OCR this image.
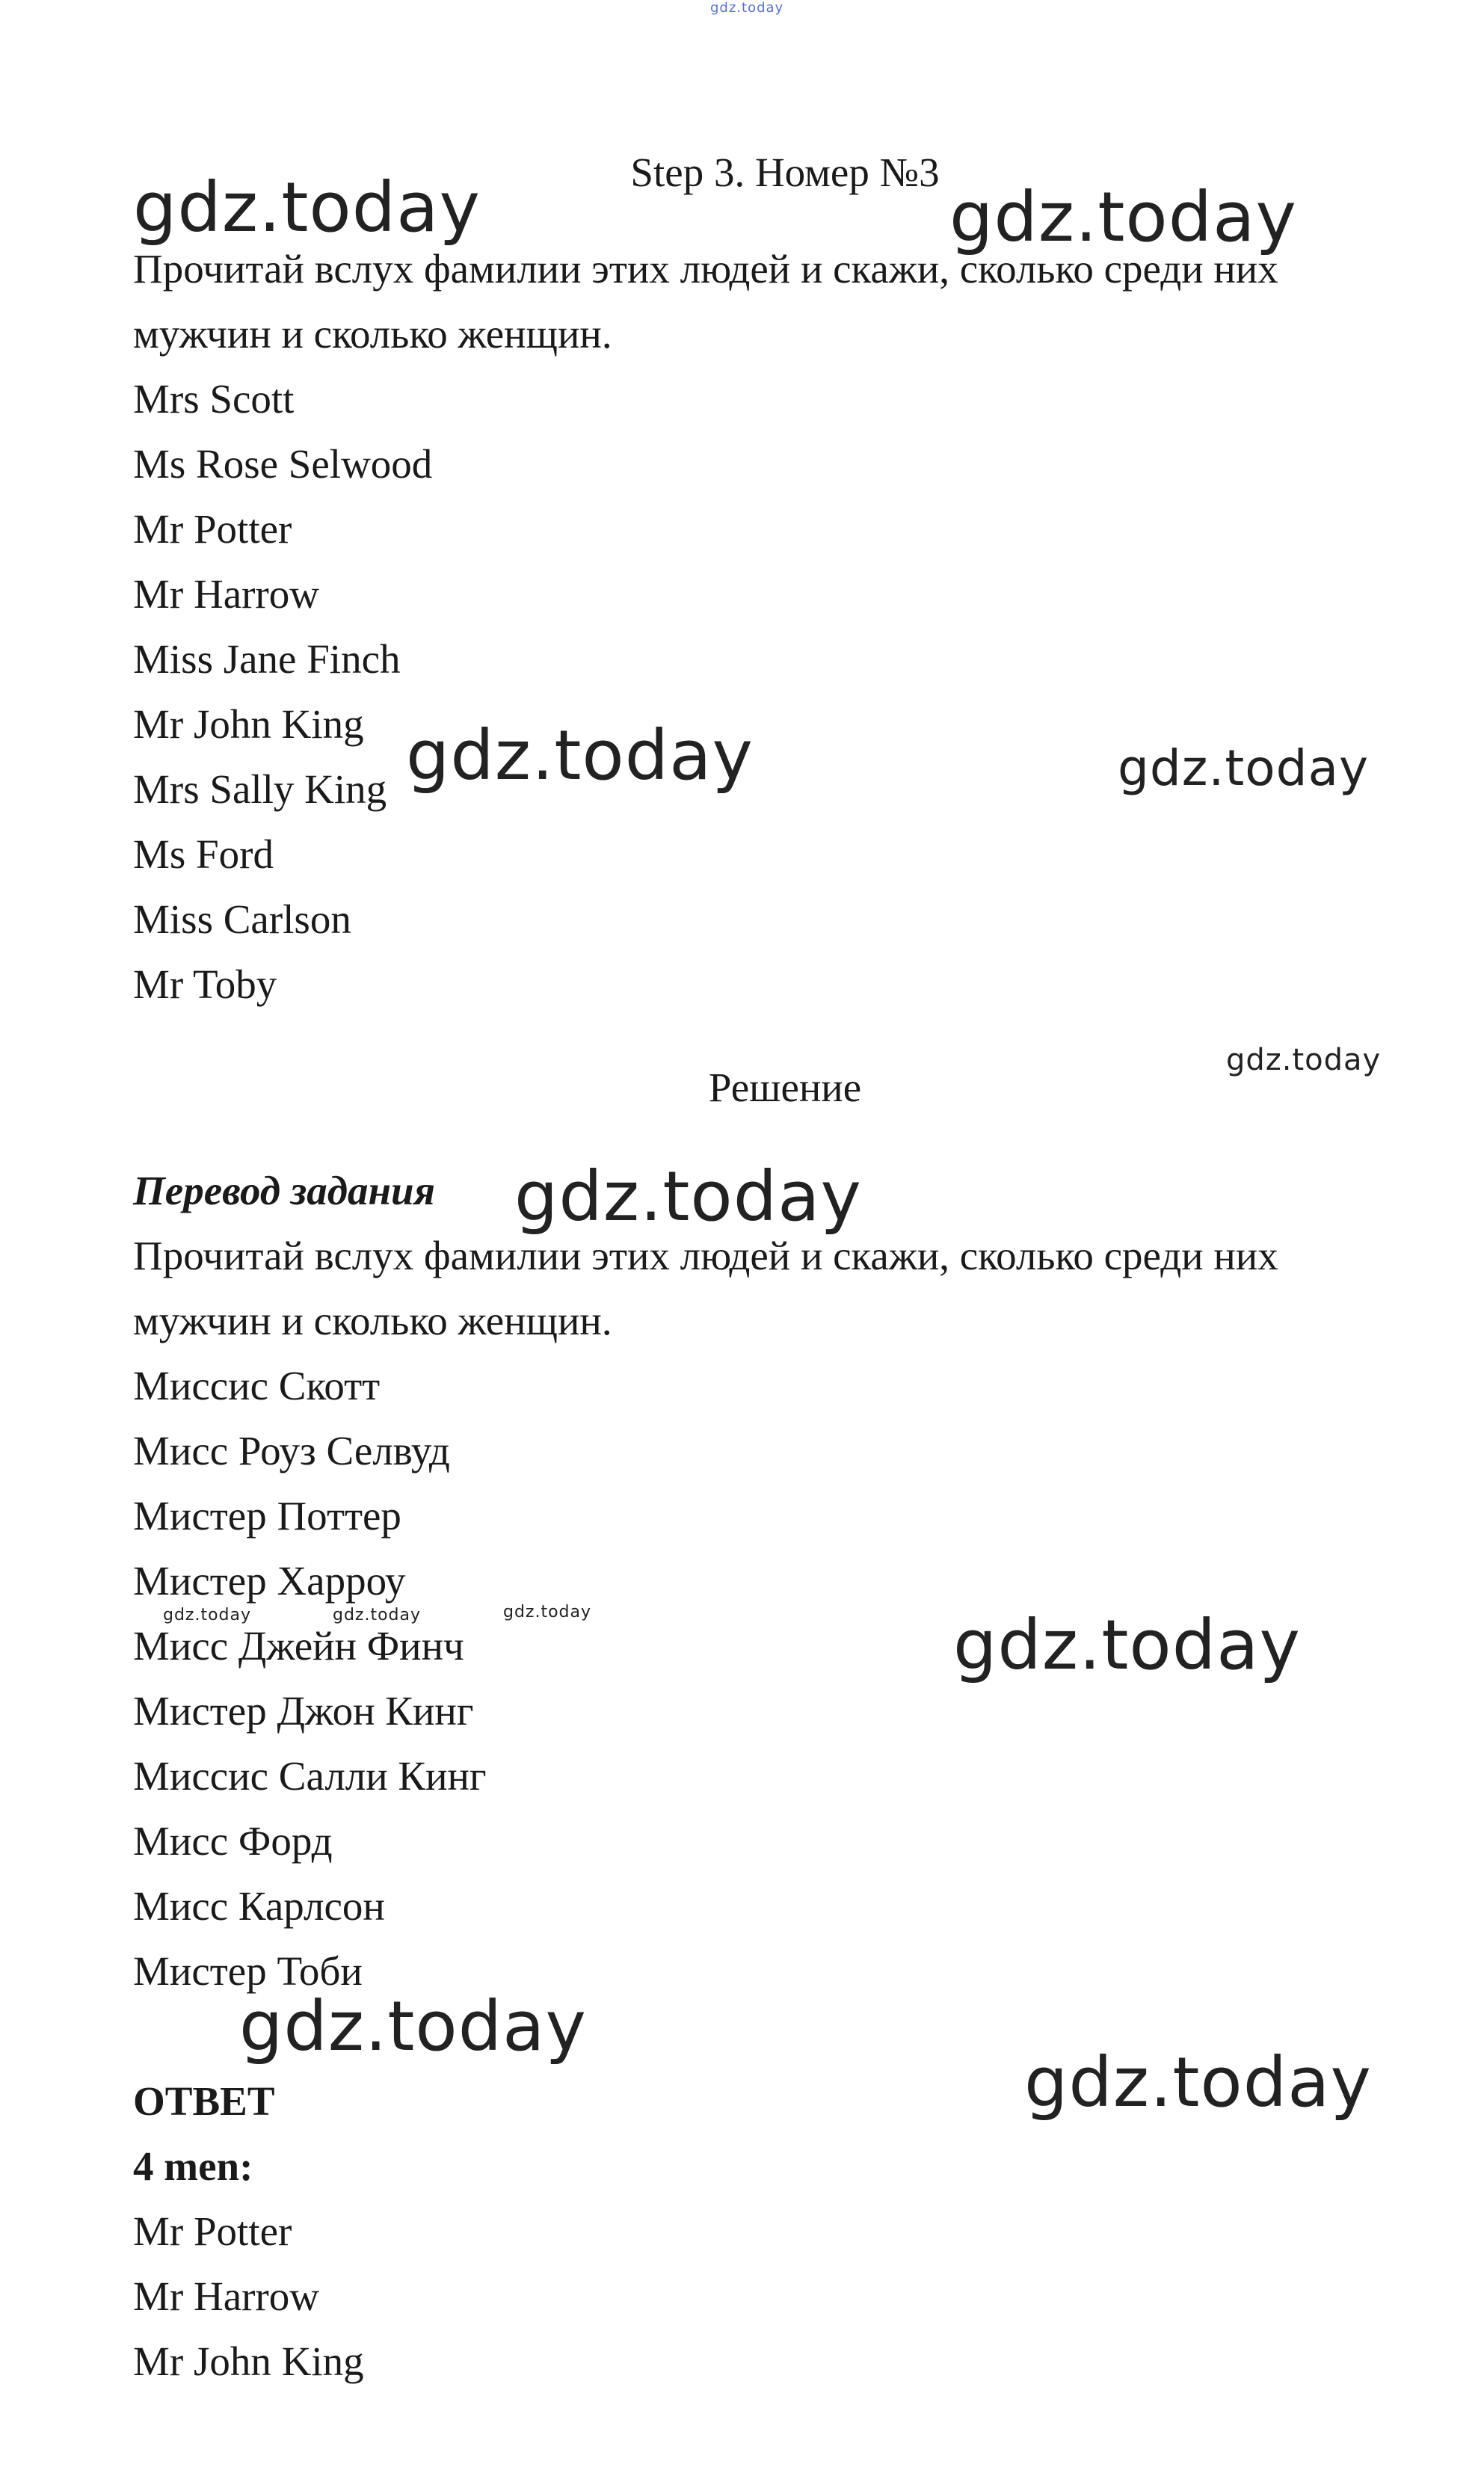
gdz.today
gdz.today	gdz.today
gdz.today	gdz.today
gdz.today
gdz.today
gdz.today	gdz.today	gdz.today	gdz.today
gdz.today
gdz.today
Step 3. Номер №3
Прочитай вслух фамилии этих людей и скажи, сколько среди них
мужчин и сколько женщин.
Mrs Scott
Ms Rose Selwood
Mr Potter
Mr Harrow
Miss Jane Finch
Mr John King
Mrs Sally King
Ms Ford
Miss Carlson
Mr Toby
Решение
Перевод задания
Прочитай вслух фамилии этих людей и скажи, сколько среди них
мужчин и сколько женщин.
Миссис Скотт
Мисс Роуз Селвуд
Мистер Поттер
Мистер Харроу
Мисс Джейн Финч
Мистер Джон Кинг
Миссис Салли Кинг
Мисс Форд
Мисс Карлсон
Мистер Тоби
ОТВЕТ
4 men:
Mr Potter
Mr Harrow
Mr John King
